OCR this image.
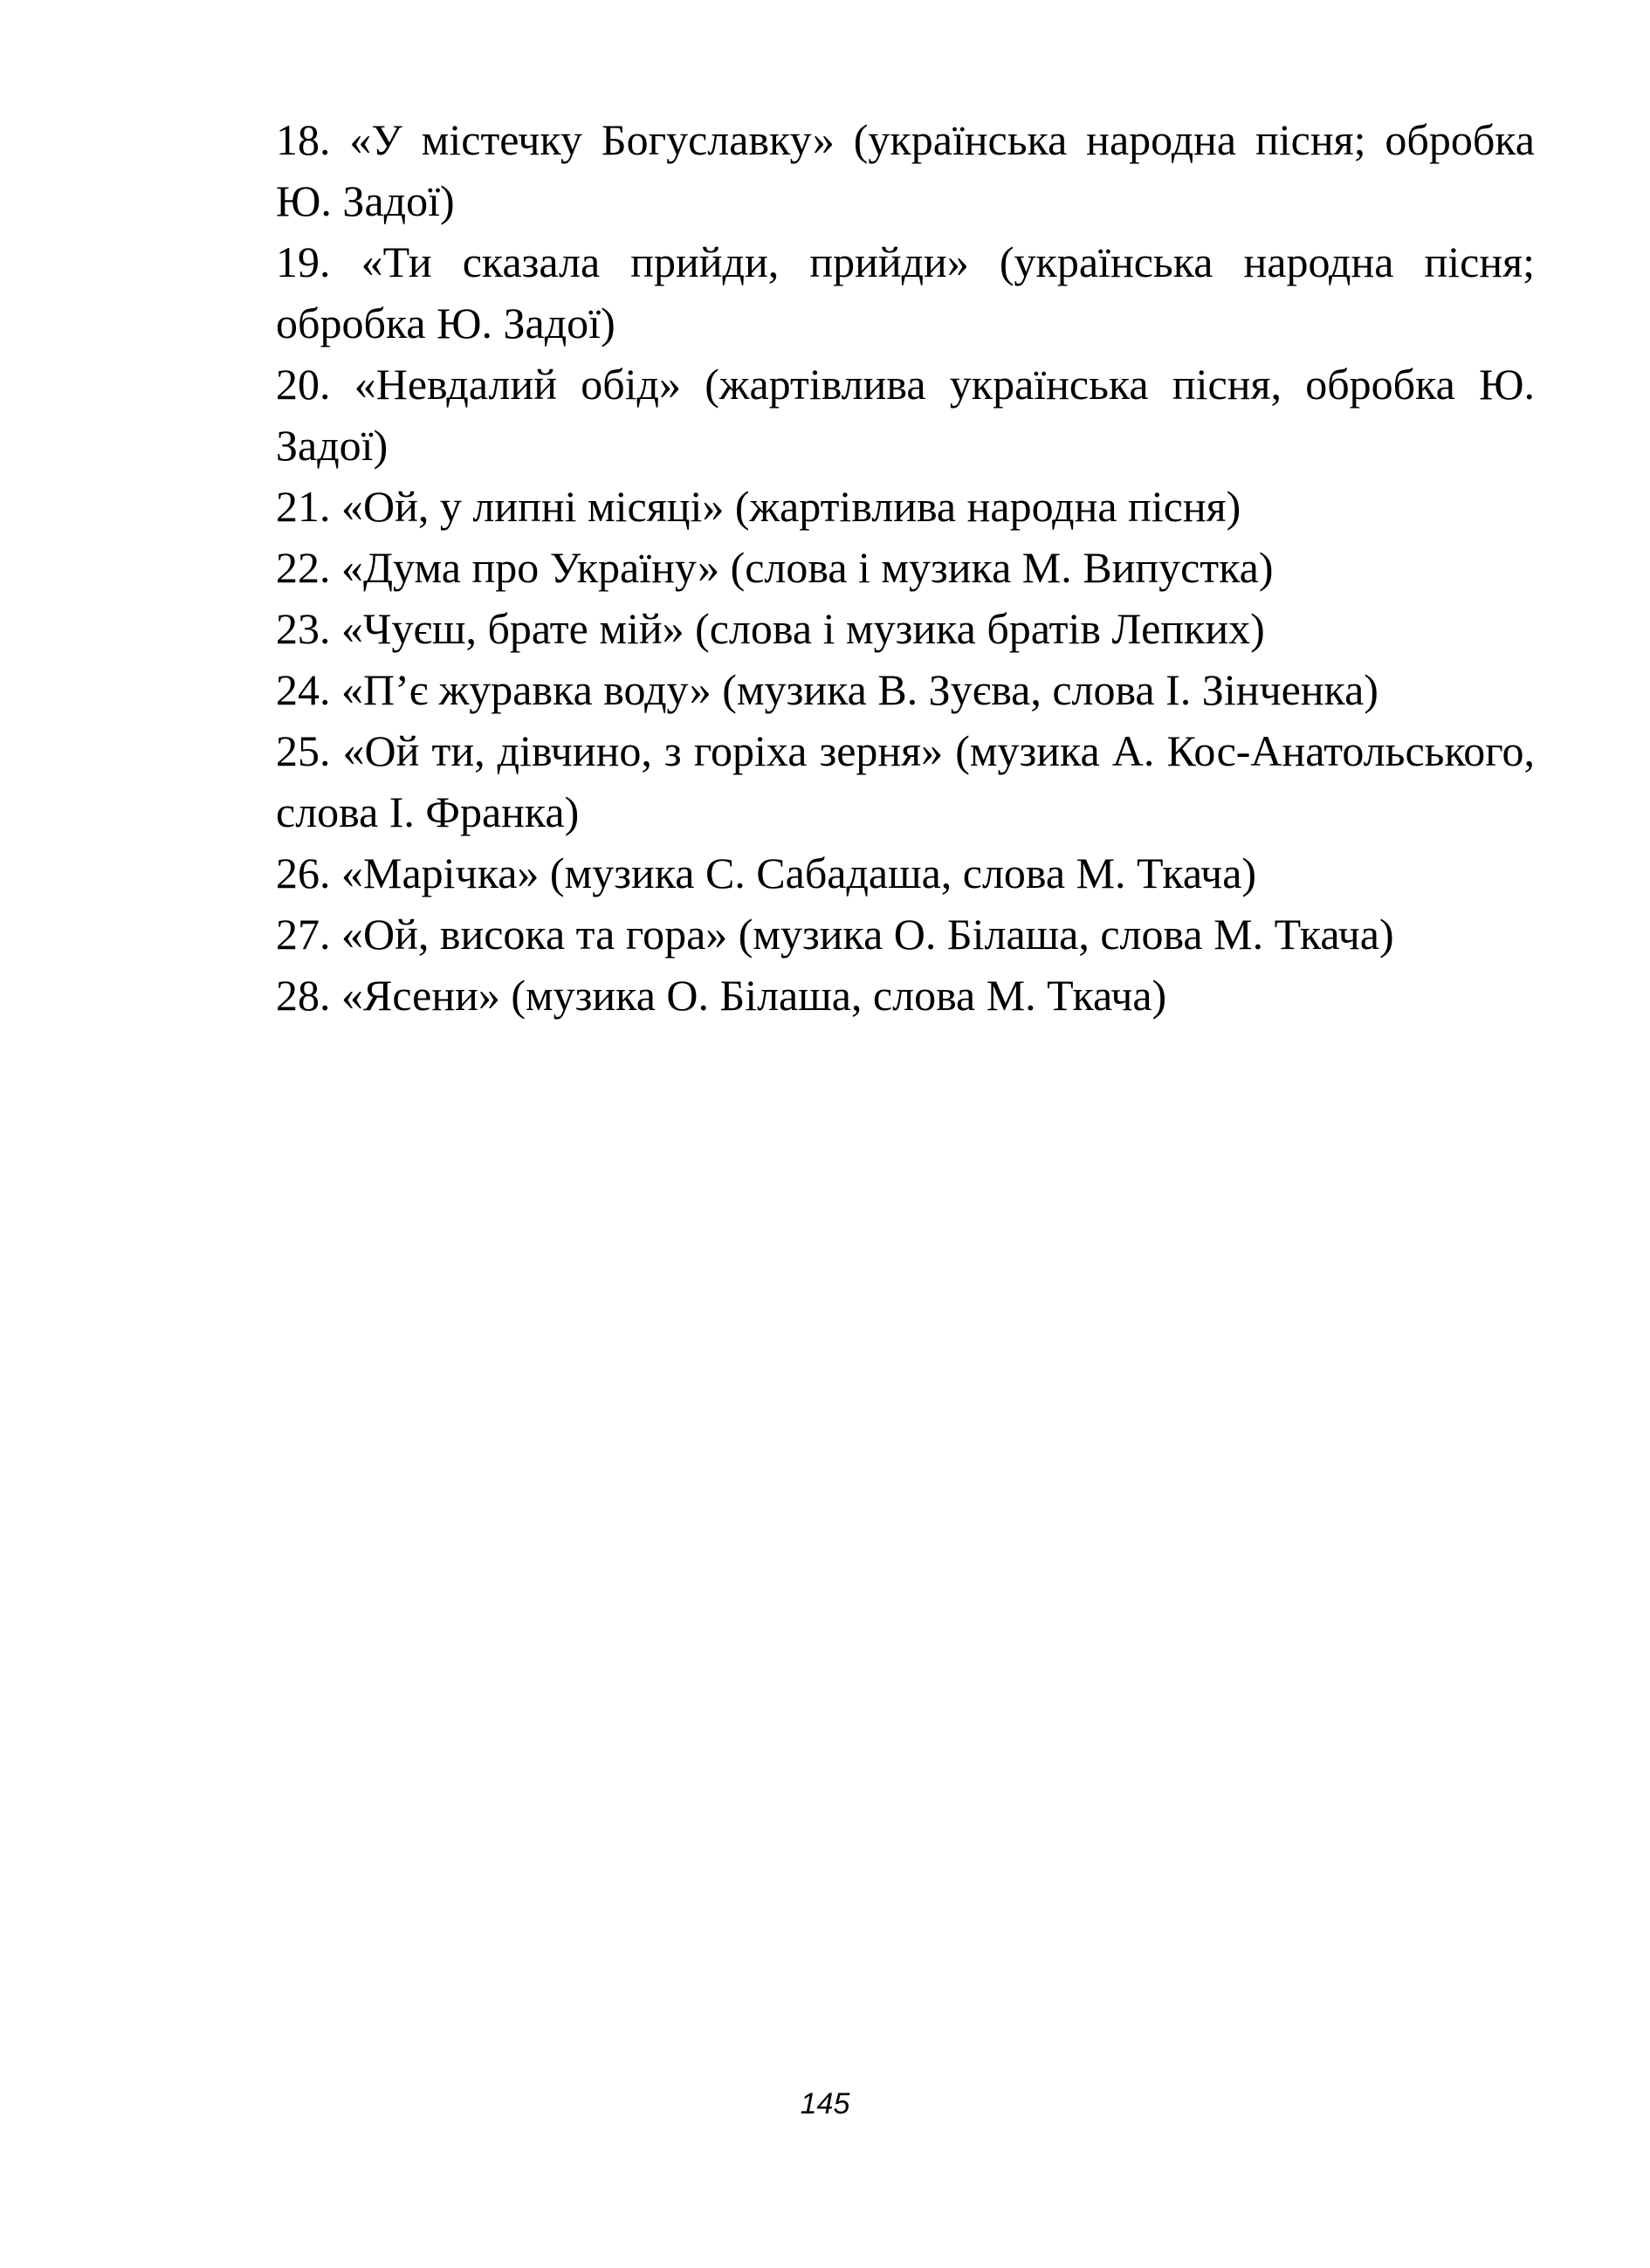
18. «У містечку Богуславку» (українська народна пісня; обробка Ю. Задої)

19. «Ти сказала прийди, прийди» (українська народна пісня; обробка Ю. Задої)

20. «Невдалий обід» (жартівлива українська пісня, обробка Ю. Задої)

21. «Ой, у липні місяці» (жартівлива народна пісня)

22. «Дума про Україну» (слова і музика М. Випустка)

23. «Чуєш, брате мій» (слова і музика братів Лепких)

24. «П’є журавка воду» (музика В. Зуєва, слова І. Зінченка)

25. «Ой ти, дівчино, з горіха зерня» (музика А. Кос-Анатольського, слова І. Франка)

26. «Марічка» (музика С. Сабадаша, слова М. Ткача)

27. «Ой, висока та гора» (музика О. Білаша, слова М. Ткача)

28. «Ясени» (музика О. Білаша, слова М. Ткача)

145
